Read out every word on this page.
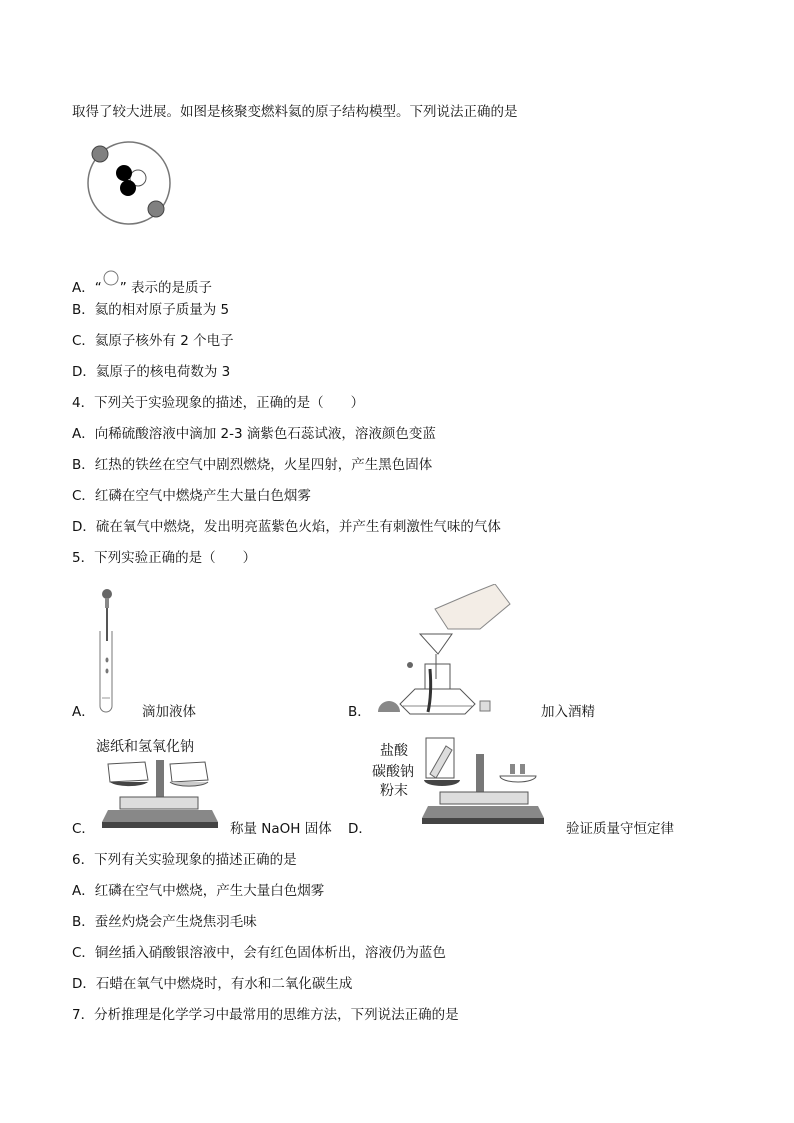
取得了较大进展。如图是核聚变燃料氦的原子结构模型。下列说法正确的是
A．“ ” 表示的是质子
B．氦的相对原子质量为 5
C．氦原子核外有 2 个电子
D．氦原子的核电荷数为 3
4．下列关于实验现象的描述，正确的是（　　）
A．向稀硫酸溶液中滴加 2-3 滴紫色石蕊试液，溶液颜色变蓝
B．红热的铁丝在空气中剧烈燃烧，火星四射，产生黑色固体
C．红磷在空气中燃烧产生大量白色烟雾
D．硫在氧气中燃烧，发出明亮蓝紫色火焰，并产生有刺激性气味的气体
5．下列实验正确的是（　　）
A．	滴加液体	B．	加入酒精
滤纸和氢氧化钠
C．	称量 NaOH 固体
盐酸
碳酸钠
粉末
D．	验证质量守恒定律
6．下列有关实验现象的描述正确的是
A．红磷在空气中燃烧，产生大量白色烟雾
B．蚕丝灼烧会产生烧焦羽毛味
C．铜丝插入硝酸银溶液中，会有红色固体析出，溶液仍为蓝色
D．石蜡在氧气中燃烧时，有水和二氧化碳生成
7．分析推理是化学学习中最常用的思维方法，下列说法正确的是
